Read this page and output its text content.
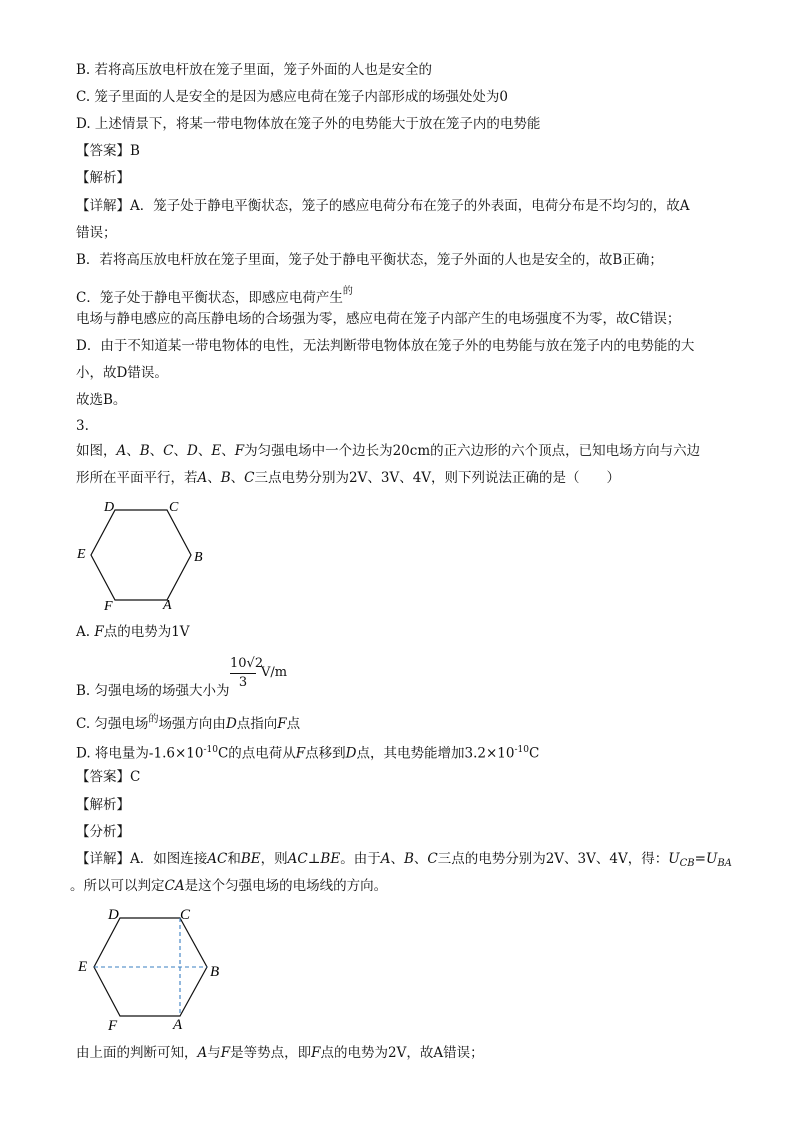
B. 若将高压放电杆放在笼子里面，笼子外面的人也是安全的
C. 笼子里面的人是安全的是因为感应电荷在笼子内部形成的场强处处为0
D. 上述情景下，将某一带电物体放在笼子外的电势能大于放在笼子内的电势能
【答案】B
【解析】
【详解】A．笼子处于静电平衡状态，笼子的感应电荷分布在笼子的外表面，电荷分布是不均匀的，故A
错误；
B．若将高压放电杆放在笼子里面，笼子处于静电平衡状态，笼子外面的人也是安全的，故B正确；
C．笼子处于静电平衡状态，即感应电荷产生$^的$
电场与静电感应的高压静电场的合场强为零，感应电荷在笼子内部产生的电场强度不为零，故C错误；
D．由于不知道某一带电物体的电性，无法判断带电物体放在笼子外的电势能与放在笼子内的电势能的大
小，故D错误。
故选B。
3.
如图，A、B、C、D、E、F为匀强电场中一个边长为20cm的正六边形的六个顶点，已知电场方向与六边
形所在平面平行，若A、B、C三点电势分别为2V、3V、4V，则下列说法正确的是（　　）
D	C
E	B
F	A
A. F点的电势为1V
$\frac{10√2}{3} V/m$
B. 匀强电场的场强大小为
C. 匀强电场$^的$场强方向由D点指向F点
D. 将电量为$-1.6\times 10^{-10}C$的点电荷从F点移到D点，其电势能增加$3.2\times 10^{-10}C$
【答案】C
【解析】
【分析】
【详解】A．如图连接AC和BE，则AC⊥BE。由于A、B、C三点的电势分别为2V、3V、4V，得：$U_{CB}=U_{BA}$
。所以可以判定CA是这个匀强电场的电场线的方向。
D	C
E	B
F	A
由上面的判断可知，A与F是等势点，即F点的电势为2V，故A错误；
